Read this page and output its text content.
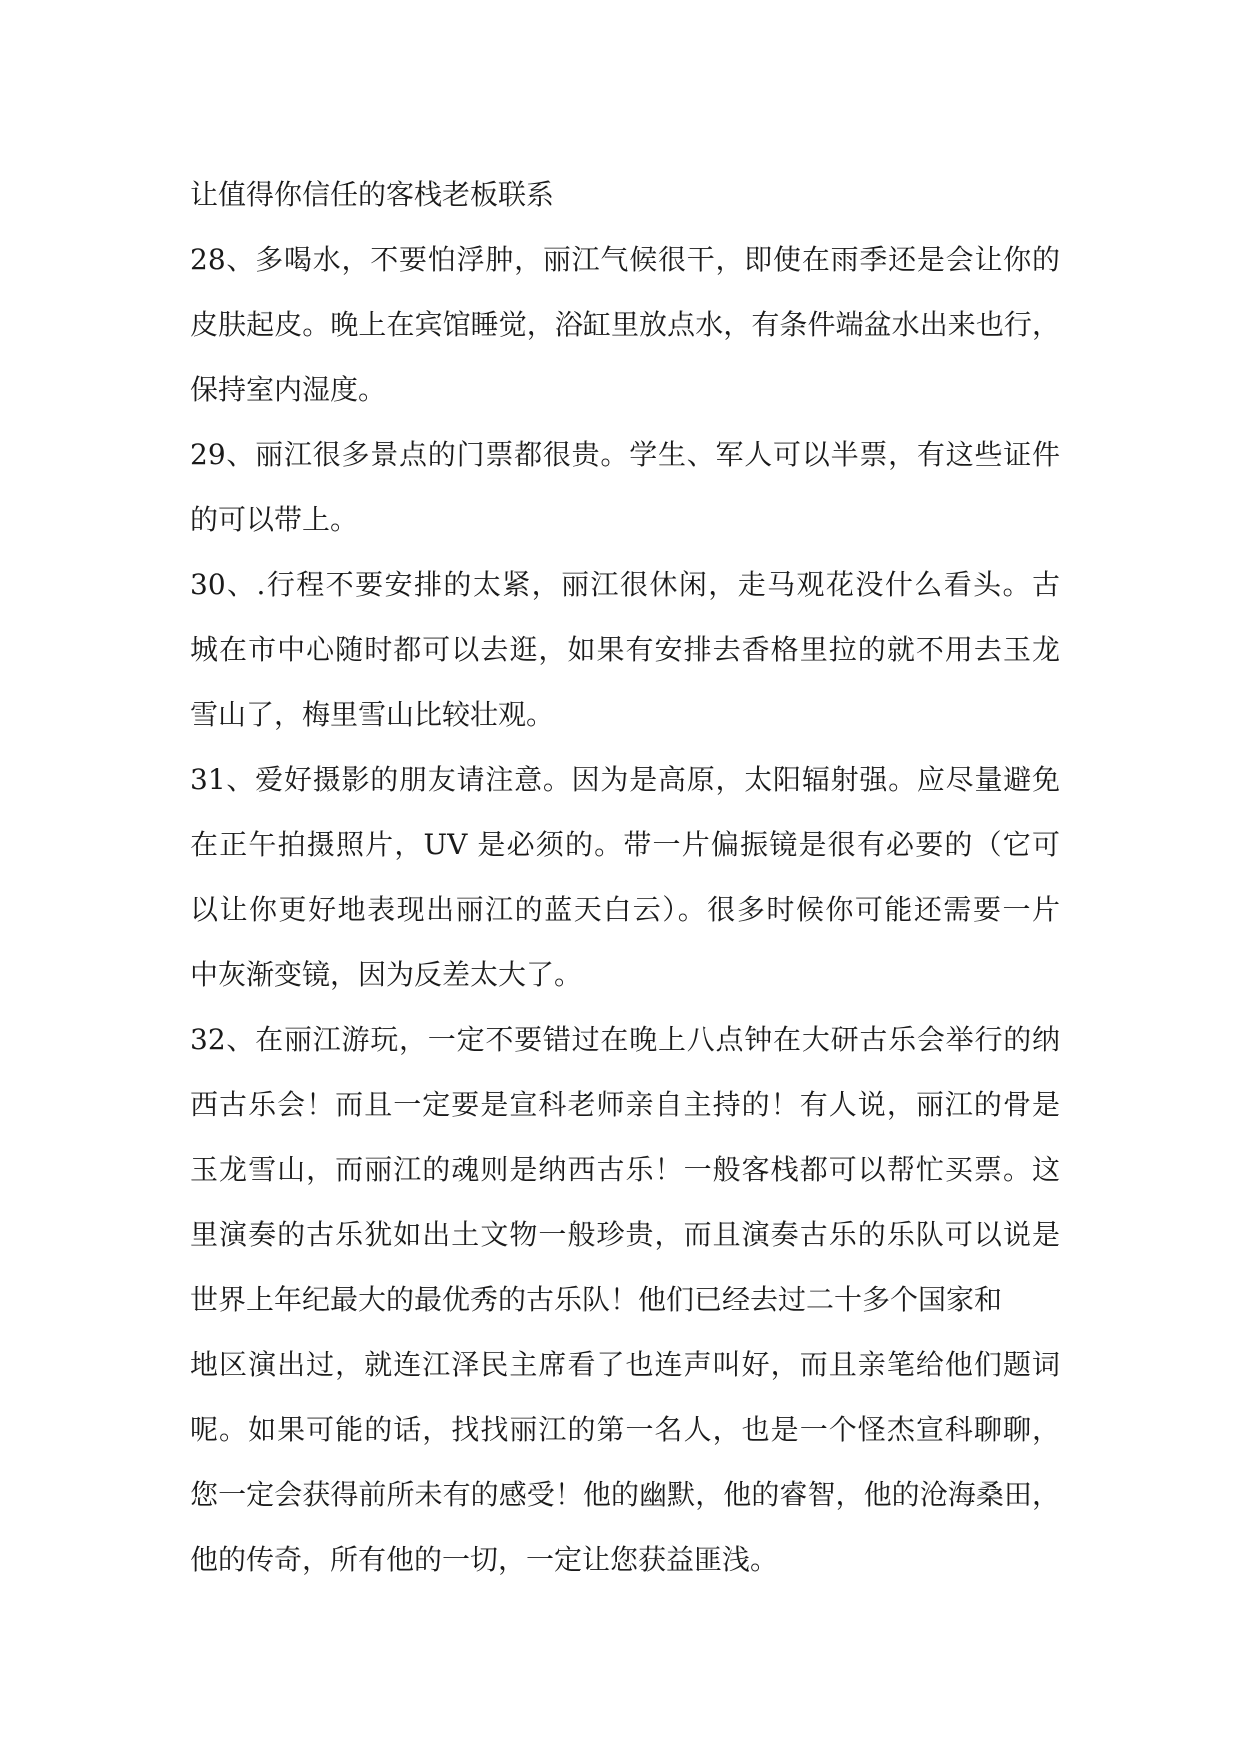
让值得你信任的客栈老板联系
28、多喝水，不要怕浮肿，丽江气候很干，即使在雨季还是会让你的
皮肤起皮。晚上在宾馆睡觉，浴缸里放点水，有条件端盆水出来也行，
保持室内湿度。
29、丽江很多景点的门票都很贵。学生、军人可以半票，有这些证件
的可以带上。
30、.行程不要安排的太紧，丽江很休闲，走马观花没什么看头。古
城在市中心随时都可以去逛，如果有安排去香格里拉的就不用去玉龙
雪山了，梅里雪山比较壮观。
31、爱好摄影的朋友请注意。因为是高原，太阳辐射强。应尽量避免
在正午拍摄照片，UV 是必须的。带一片偏振镜是很有必要的（它可
以让你更好地表现出丽江的蓝天白云）。很多时候你可能还需要一片
中灰渐变镜，因为反差太大了。
32、在丽江游玩，一定不要错过在晚上八点钟在大研古乐会举行的纳
西古乐会！而且一定要是宣科老师亲自主持的！有人说，丽江的骨是
玉龙雪山，而丽江的魂则是纳西古乐！一般客栈都可以帮忙买票。这
里演奏的古乐犹如出土文物一般珍贵，而且演奏古乐的乐队可以说是
世界上年纪最大的最优秀的古乐队！他们已经去过二十多个国家和
地区演出过，就连江泽民主席看了也连声叫好，而且亲笔给他们题词
呢。如果可能的话，找找丽江的第一名人，也是一个怪杰宣科聊聊，
您一定会获得前所未有的感受！他的幽默，他的睿智，他的沧海桑田，
他的传奇，所有他的一切，一定让您获益匪浅。
